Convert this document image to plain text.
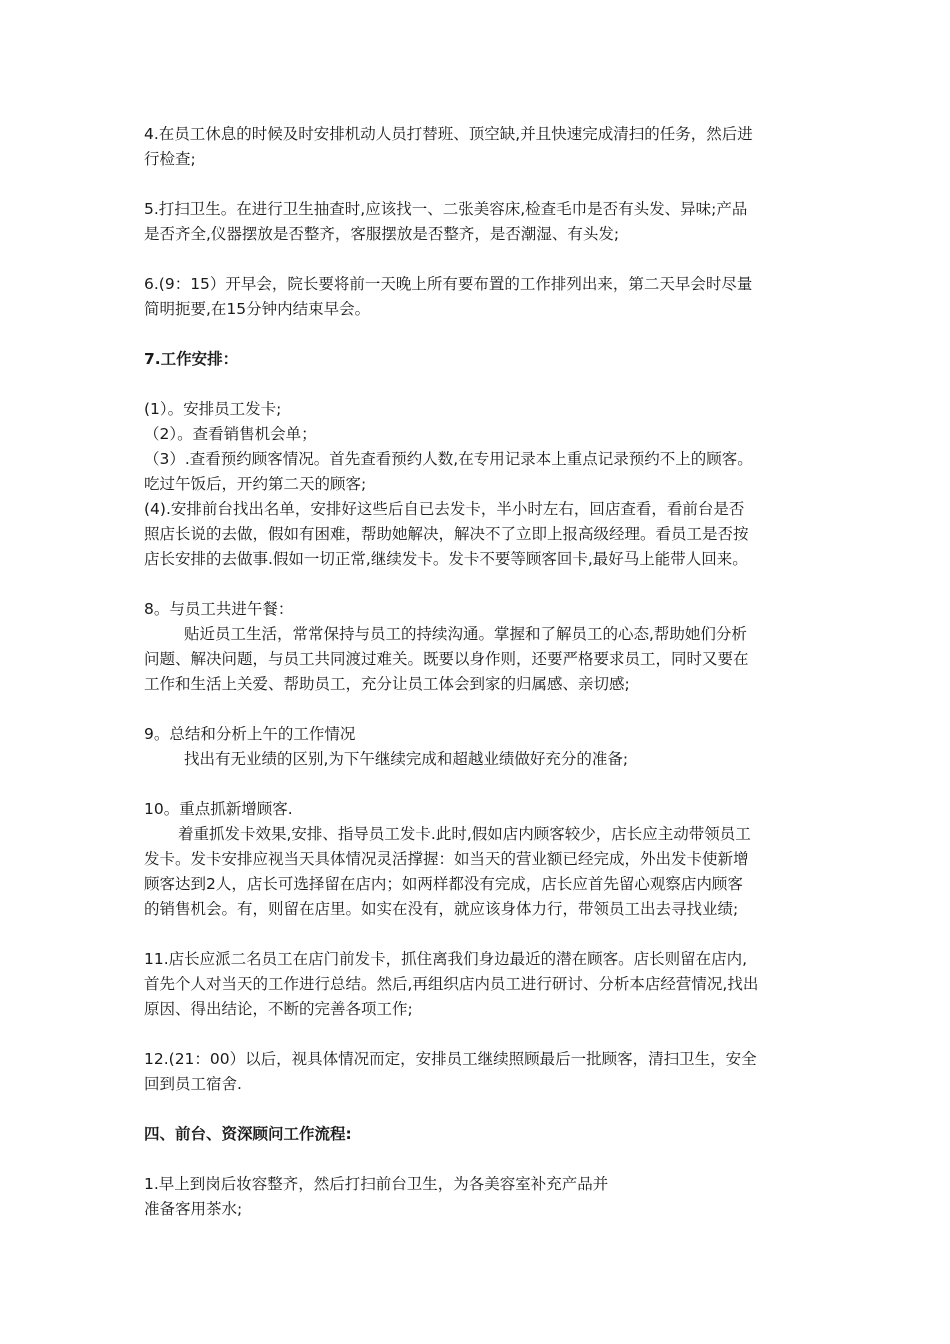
4.在员工休息的时候及时安排机动人员打替班、顶空缺,并且快速完成清扫的任务，然后进
行检查;
5.打扫卫生。在进行卫生抽查时,应该找一、二张美容床,检查毛巾是否有头发、异味;产品
是否齐全,仪器摆放是否整齐，客服摆放是否整齐，是否潮湿、有头发;
6.(9：15）开早会，院长要将前一天晚上所有要布置的工作排列出来，第二天早会时尽量
简明扼要,在15分钟内结束早会。
7.工作安排：
(1）。安排员工发卡;
（2）。查看销售机会单；
（3）.查看预约顾客情况。首先查看预约人数,在专用记录本上重点记录预约不上的顾客。
吃过午饭后，开约第二天的顾客;
(4).安排前台找出名单，安排好这些后自已去发卡，半小时左右，回店查看，看前台是否
照店长说的去做，假如有困难，帮助她解决，解决不了立即上报高级经理。看员工是否按
店长安排的去做事.假如一切正常,继续发卡。发卡不要等顾客回卡,最好马上能带人回来。
8。与员工共进午餐：
贴近员工生活，常常保持与员工的持续沟通。掌握和了解员工的心态,帮助她们分析
问题、解决问题，与员工共同渡过难关。既要以身作则，还要严格要求员工，同时又要在
工作和生活上关爱、帮助员工，充分让员工体会到家的归属感、亲切感;
9。总结和分析上午的工作情况
找出有无业绩的区别,为下午继续完成和超越业绩做好充分的准备;
10。重点抓新增顾客.
着重抓发卡效果,安排、指导员工发卡.此时,假如店内顾客较少，店长应主动带领员工
发卡。发卡安排应视当天具体情况灵活撑握：如当天的营业额已经完成，外出发卡使新增
顾客达到2人，店长可选择留在店内；如两样都没有完成，店长应首先留心观察店内顾客
的销售机会。有，则留在店里。如实在没有，就应该身体力行，带领员工出去寻找业绩;
11.店长应派二名员工在店门前发卡，抓住离我们身边最近的潜在顾客。店长则留在店内,
首先个人对当天的工作进行总结。然后,再组织店内员工进行研讨、分析本店经营情况,找出
原因、得出结论，不断的完善各项工作;
12.(21：00）以后，视具体情况而定，安排员工继续照顾最后一批顾客，清扫卫生，安全
回到员工宿舍.
四、前台、资深顾问工作流程:
1.早上到岗后妆容整齐，然后打扫前台卫生，为各美容室补充产品并
准备客用茶水;
